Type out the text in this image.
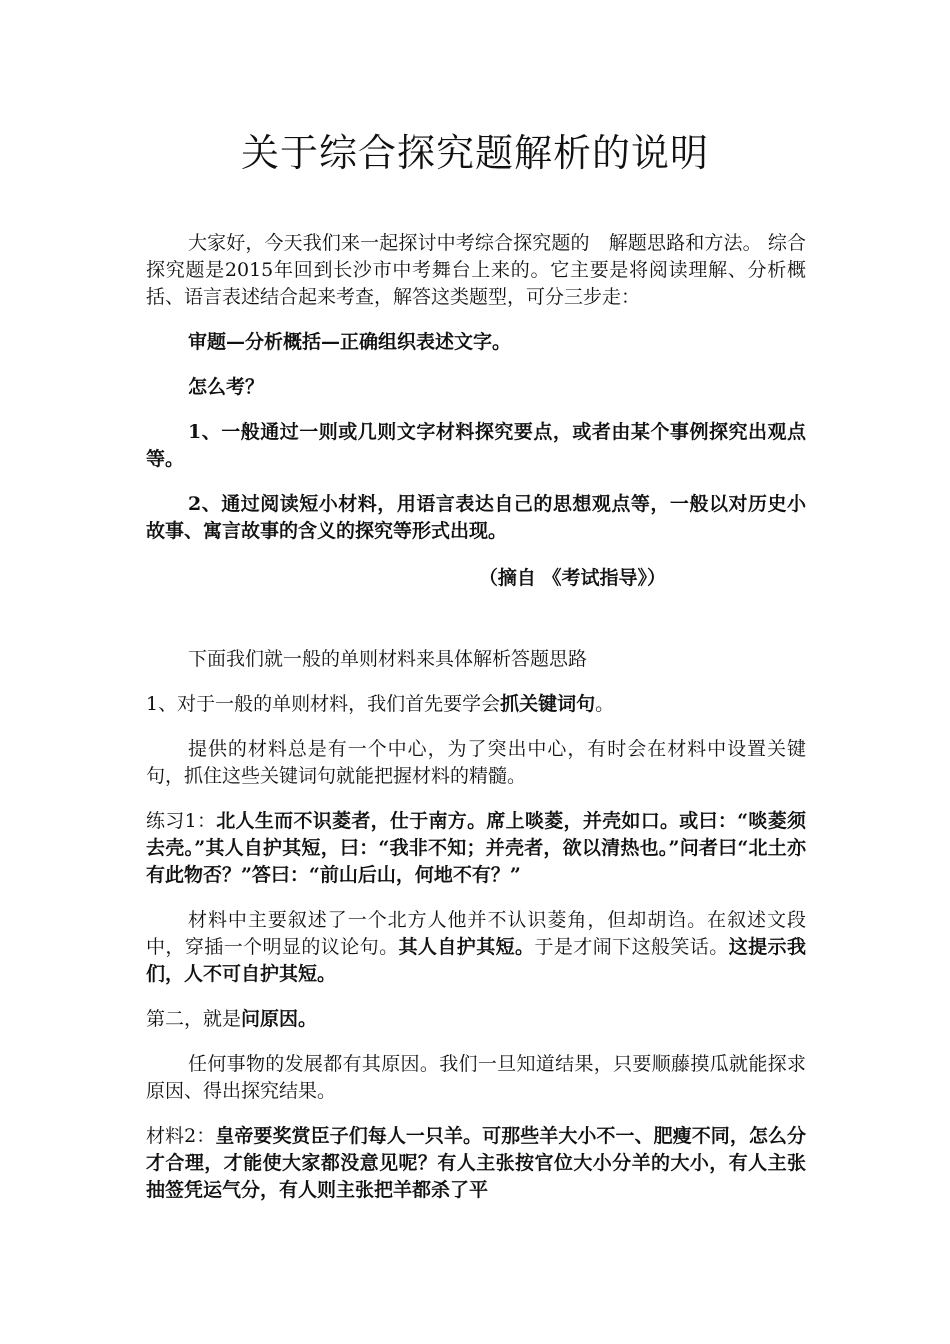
关于综合探究题解析的说明

大家好，今天我们来一起探讨中考综合探究题的　解题思路和方法。 综合探究题是2015年回到长沙市中考舞台上来的。它主要是将阅读理解、分析概括、语言表述结合起来考查，解答这类题型，可分三步走：

审题—分析概括—正确组织表述文字。

怎么考？

1、一般通过一则或几则文字材料探究要点，或者由某个事例探究出观点等。

2、通过阅读短小材料，用语言表达自己的思想观点等，一般以对历史小故事、寓言故事的含义的探究等形式出现。

（摘自 《考试指导》）

下面我们就一般的单则材料来具体解析答题思路

1、对于一般的单则材料，我们首先要学会抓关键词句。

提供的材料总是有一个中心，为了突出中心，有时会在材料中设置关键句，抓住这些关键词句就能把握材料的精髓。

练习1：北人生而不识菱者，仕于南方。席上啖菱，并壳如口。或曰：“啖菱须去壳。”其人自护其短，曰：“我非不知；并壳者，欲以清热也。”问者曰“北土亦有此物否？”答曰：“前山后山，何地不有？”

材料中主要叙述了一个北方人他并不认识菱角，但却胡诌。在叙述文段中，穿插一个明显的议论句。其人自护其短。于是才闹下这般笑话。这提示我们，人不可自护其短。

第二，就是问原因。

任何事物的发展都有其原因。我们一旦知道结果，只要顺藤摸瓜就能探求原因、得出探究结果。

材料2：皇帝要奖赏臣子们每人一只羊。可那些羊大小不一、肥瘦不同，怎么分才合理，才能使大家都没意见呢？有人主张按官位大小分羊的大小，有人主张抽签凭运气分，有人则主张把羊都杀了平
